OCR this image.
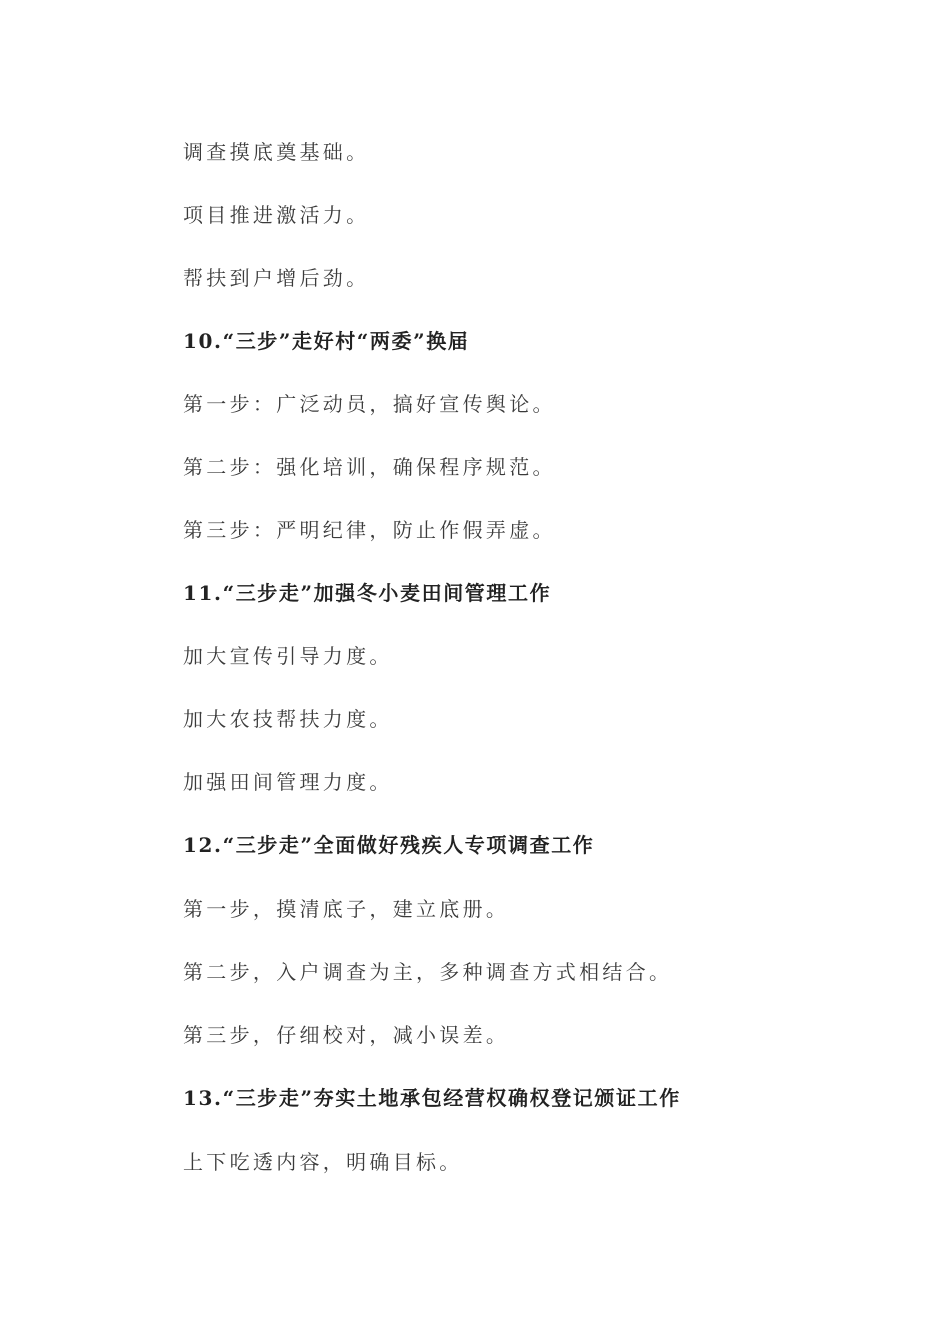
调查摸底奠基础。
项目推进激活力。
帮扶到户增后劲。
10.“三步”走好村“两委”换届
第一步：广泛动员，搞好宣传舆论。
第二步：强化培训，确保程序规范。
第三步：严明纪律，防止作假弄虚。
11.“三步走”加强冬小麦田间管理工作
加大宣传引导力度。
加大农技帮扶力度。
加强田间管理力度。
12.“三步走”全面做好残疾人专项调查工作
第一步，摸清底子，建立底册。
第二步，入户调查为主，多种调查方式相结合。
第三步，仔细校对，减小误差。
13.“三步走”夯实土地承包经营权确权登记颁证工作
上下吃透内容，明确目标。
